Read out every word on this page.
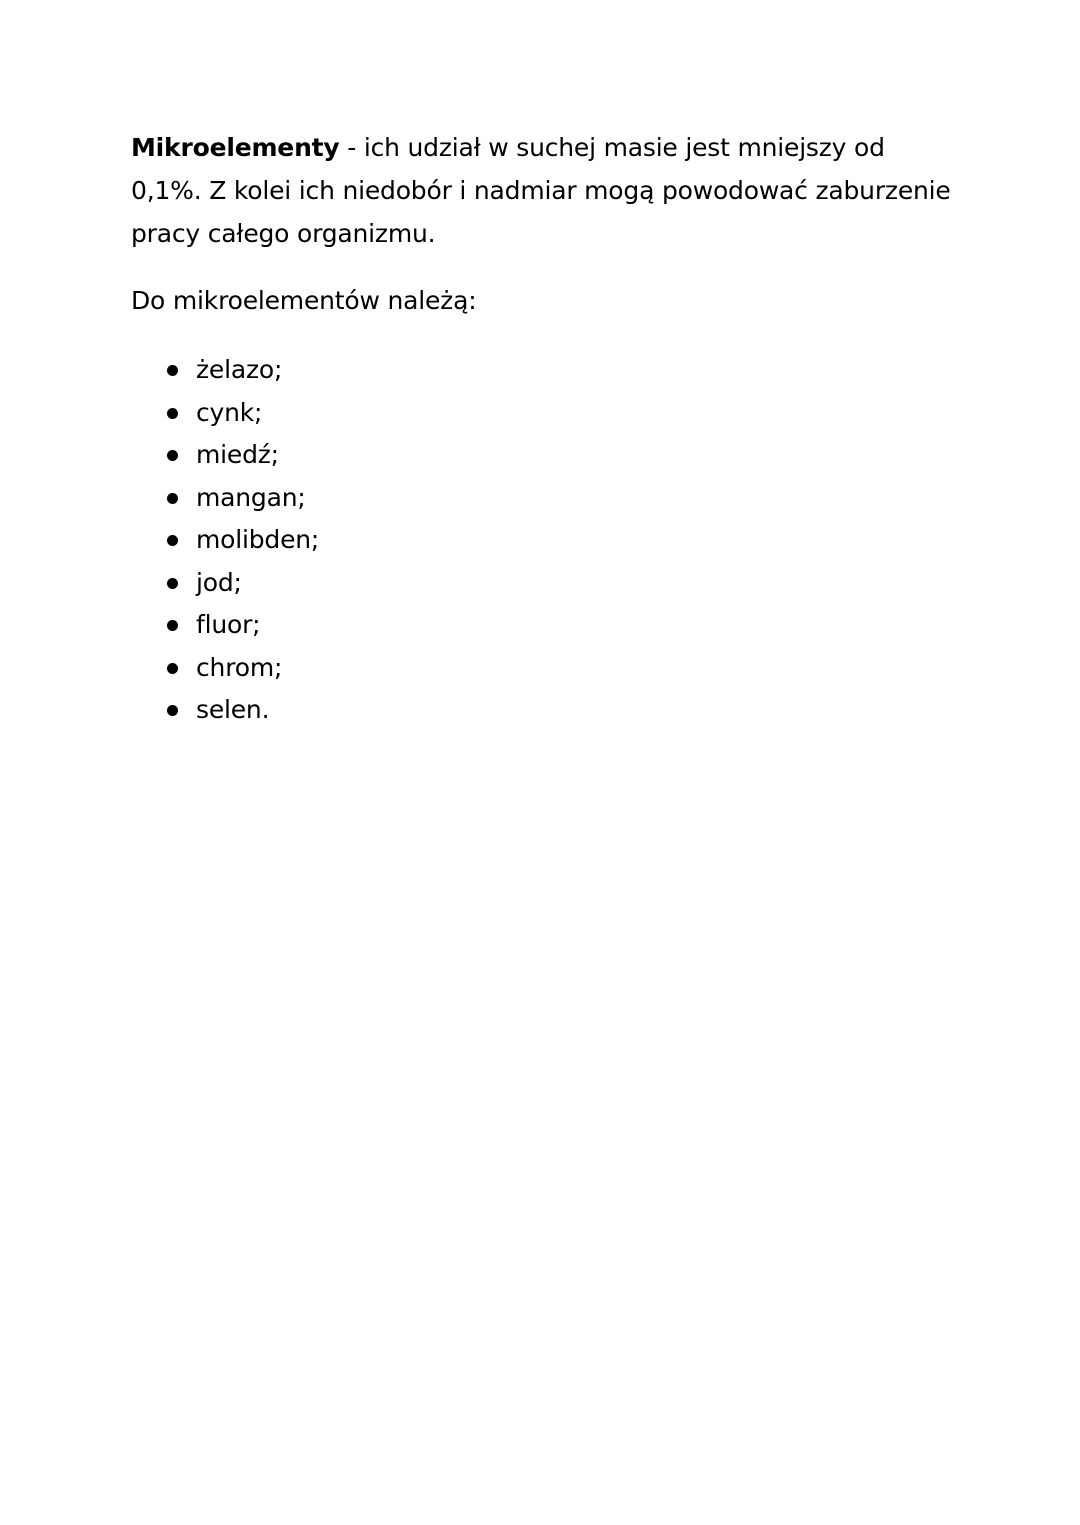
Mikroelementy - ich udział w suchej masie jest mniejszy od 0,1%. Z kolei ich niedobór i nadmiar mogą powodować zaburzenie pracy całego organizmu.

Do mikroelementów należą:

żelazo;
cynk;
miedź;
mangan;
molibden;
jod;
fluor;
chrom;
selen.
